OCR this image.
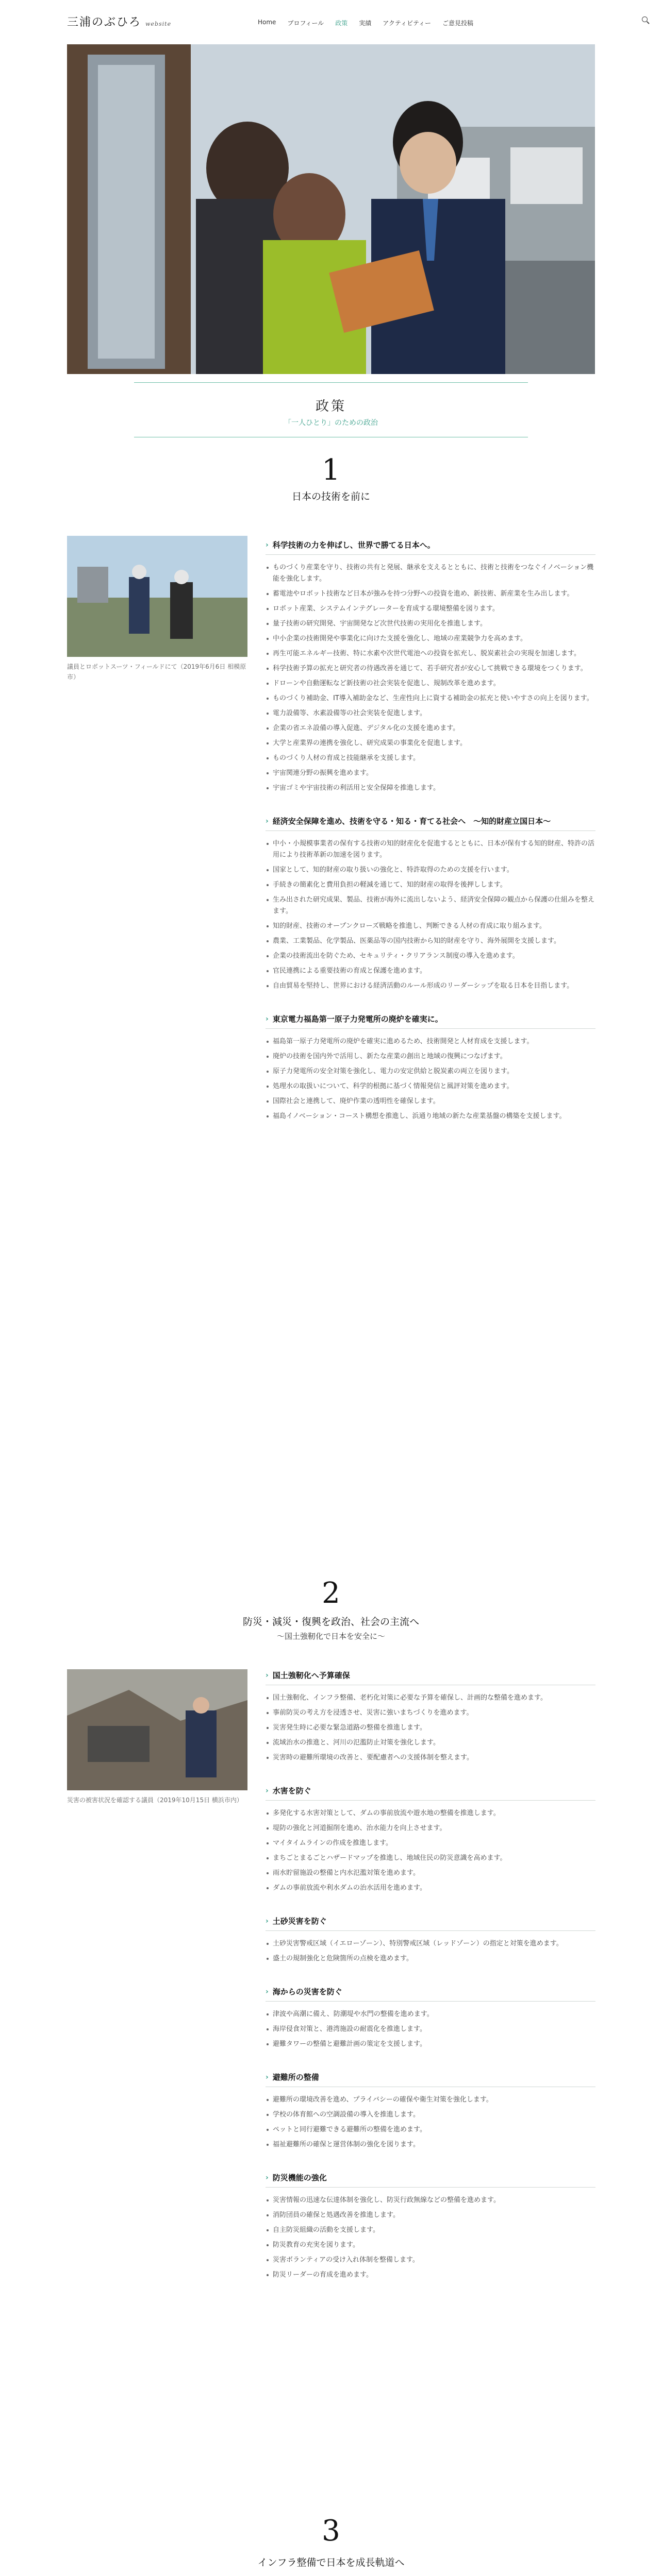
三浦のぶひろ website	Home プロフィール 政策 実績 アクティビティー ご意見投稿
政策
「一人ひとり」のための政治
1
日本の技術を前に
議員とロボットスーツ・フィールドにて（2019年6月6日 相模原市）
› 科学技術の力を伸ばし、世界で勝てる日本へ。
ものづくり産業を守り、技術の共有と発展、継承を支えるとともに、技術と技術をつなぐイノベーション機能を強化します。
蓄電池やロボット技術など日本が強みを持つ分野への投資を進め、新技術、新産業を生み出します。
ロボット産業、システムインテグレーターを育成する環境整備を図ります。
量子技術の研究開発、宇宙開発など次世代技術の実用化を推進します。
中小企業の技術開発や事業化に向けた支援を強化し、地域の産業競争力を高めます。
再生可能エネルギー技術、特に水素や次世代電池への投資を拡充し、脱炭素社会の実現を加速します。
科学技術予算の拡充と研究者の待遇改善を通じて、若手研究者が安心して挑戦できる環境をつくります。
ドローンや自動運転など新技術の社会実装を促進し、規制改革を進めます。
ものづくり補助金、IT導入補助金など、生産性向上に資する補助金の拡充と使いやすさの向上を図ります。
電力設備等、水素設備等の社会実装を促進します。
企業の省エネ設備の導入促進、デジタル化の支援を進めます。
大学と産業界の連携を強化し、研究成果の事業化を促進します。
ものづくり人材の育成と技能継承を支援します。
宇宙関連分野の振興を進めます。
宇宙ゴミや宇宙技術の利活用と安全保障を推進します。
› 経済安全保障を進め、技術を守る・知る・育てる社会へ　〜知的財産立国日本〜
中小・小規模事業者の保有する技術の知的財産化を促進するとともに、日本が保有する知的財産、特許の活用により技術革新の加速を図ります。
国家として、知的財産の取り扱いの強化と、特許取得のための支援を行います。
手続きの簡素化と費用負担の軽減を通じて、知的財産の取得を後押しします。
生み出された研究成果、製品、技術が海外に流出しないよう、経済安全保障の観点から保護の仕組みを整えます。
知的財産、技術のオープンクローズ戦略を推進し、判断できる人材の育成に取り組みます。
農業、工業製品、化学製品、医薬品等の国内技術から知的財産を守り、海外展開を支援します。
企業の技術流出を防ぐため、セキュリティ・クリアランス制度の導入を進めます。
官民連携による重要技術の育成と保護を進めます。
自由貿易を堅持し、世界における経済活動のルール形成のリーダーシップを取る日本を目指します。
› 東京電力福島第一原子力発電所の廃炉を確実に。
福島第一原子力発電所の廃炉を確実に進めるため、技術開発と人材育成を支援します。
廃炉の技術を国内外で活用し、新たな産業の創出と地域の復興につなげます。
原子力発電所の安全対策を強化し、電力の安定供給と脱炭素の両立を図ります。
処理水の取扱いについて、科学的根拠に基づく情報発信と風評対策を進めます。
国際社会と連携して、廃炉作業の透明性を確保します。
福島イノベーション・コースト構想を推進し、浜通り地域の新たな産業基盤の構築を支援します。
2
防災・減災・復興を政治、社会の主流へ
〜国土強靭化で日本を安全に〜
災害の被害状況を確認する議員（2019年10月15日 横浜市内）
› 国土強靭化へ予算確保
国土強靭化、インフラ整備、老朽化対策に必要な予算を確保し、計画的な整備を進めます。
事前防災の考え方を浸透させ、災害に強いまちづくりを進めます。
災害発生時に必要な緊急道路の整備を推進します。
流域治水の推進と、河川の氾濫防止対策を強化します。
災害時の避難所環境の改善と、要配慮者への支援体制を整えます。
› 水害を防ぐ
多発化する水害対策として、ダムの事前放流や遊水地の整備を推進します。
堤防の強化と河道掘削を進め、治水能力を向上させます。
マイタイムラインの作成を推進します。
まちごとまるごとハザードマップを推進し、地域住民の防災意識を高めます。
雨水貯留施設の整備と内水氾濫対策を進めます。
ダムの事前放流や利水ダムの治水活用を進めます。
› 土砂災害を防ぐ
土砂災害警戒区域（イエローゾーン）、特別警戒区域（レッドゾーン）の指定と対策を進めます。
盛土の規制強化と危険箇所の点検を進めます。
› 海からの災害を防ぐ
津波や高潮に備え、防潮堤や水門の整備を進めます。
海岸侵食対策と、港湾施設の耐震化を推進します。
避難タワーの整備と避難計画の策定を支援します。
› 避難所の整備
避難所の環境改善を進め、プライバシーの確保や衛生対策を強化します。
学校の体育館への空調設備の導入を推進します。
ペットと同行避難できる避難所の整備を進めます。
福祉避難所の確保と運営体制の強化を図ります。
› 防災機能の強化
災害情報の迅速な伝達体制を強化し、防災行政無線などの整備を進めます。
消防団員の確保と処遇改善を推進します。
自主防災組織の活動を支援します。
防災教育の充実を図ります。
災害ボランティアの受け入れ体制を整備します。
防災リーダーの育成を進めます。
3
インフラ整備で日本を成長軌道へ
